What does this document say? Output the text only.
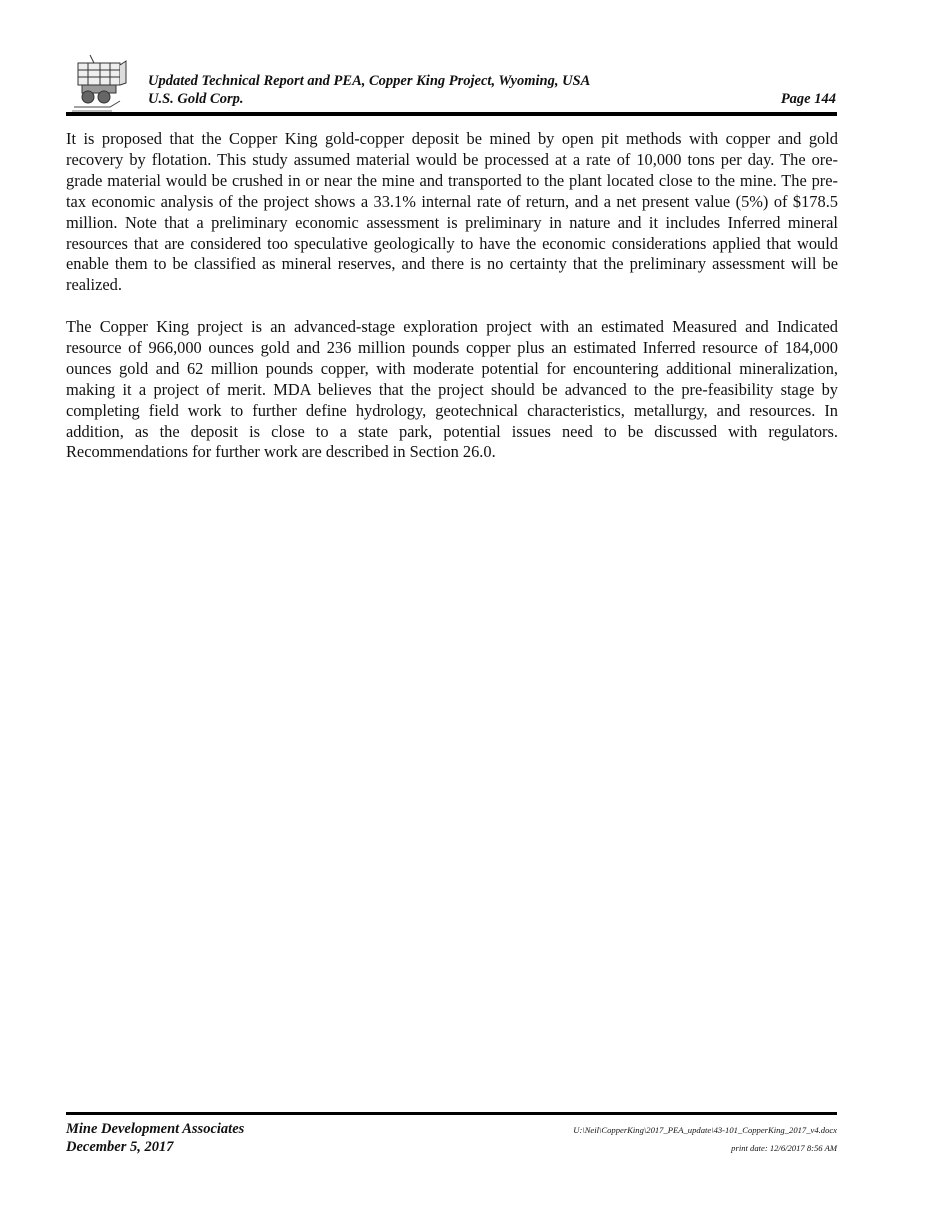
Updated Technical Report and PEA, Copper King Project, Wyoming, USA
U.S. Gold Corp.	Page 144

It is proposed that the Copper King gold-copper deposit be mined by open pit methods with copper and gold recovery by flotation. This study assumed material would be processed at a rate of 10,000 tons per day. The ore-grade material would be crushed in or near the mine and transported to the plant located close to the mine. The pre-tax economic analysis of the project shows a 33.1% internal rate of return, and a net present value (5%) of $178.5 million. Note that a preliminary economic assessment is preliminary in nature and it includes Inferred mineral resources that are considered too speculative geologically to have the economic considerations applied that would enable them to be classified as mineral reserves, and there is no certainty that the preliminary assessment will be realized.

The Copper King project is an advanced-stage exploration project with an estimated Measured and Indicated resource of 966,000 ounces gold and 236 million pounds copper plus an estimated Inferred resource of 184,000 ounces gold and 62 million pounds copper, with moderate potential for encountering additional mineralization, making it a project of merit. MDA believes that the project should be advanced to the pre-feasibility stage by completing field work to further define hydrology, geotechnical characteristics, metallurgy, and resources. In addition, as the deposit is close to a state park, potential issues need to be discussed with regulators. Recommendations for further work are described in Section 26.0.

Mine Development Associates
December 5, 2017
U:\Neil\CopperKing\2017_PEA_update\43-101_CopperKing_2017_v4.docx
print date: 12/6/2017 8:56 AM
